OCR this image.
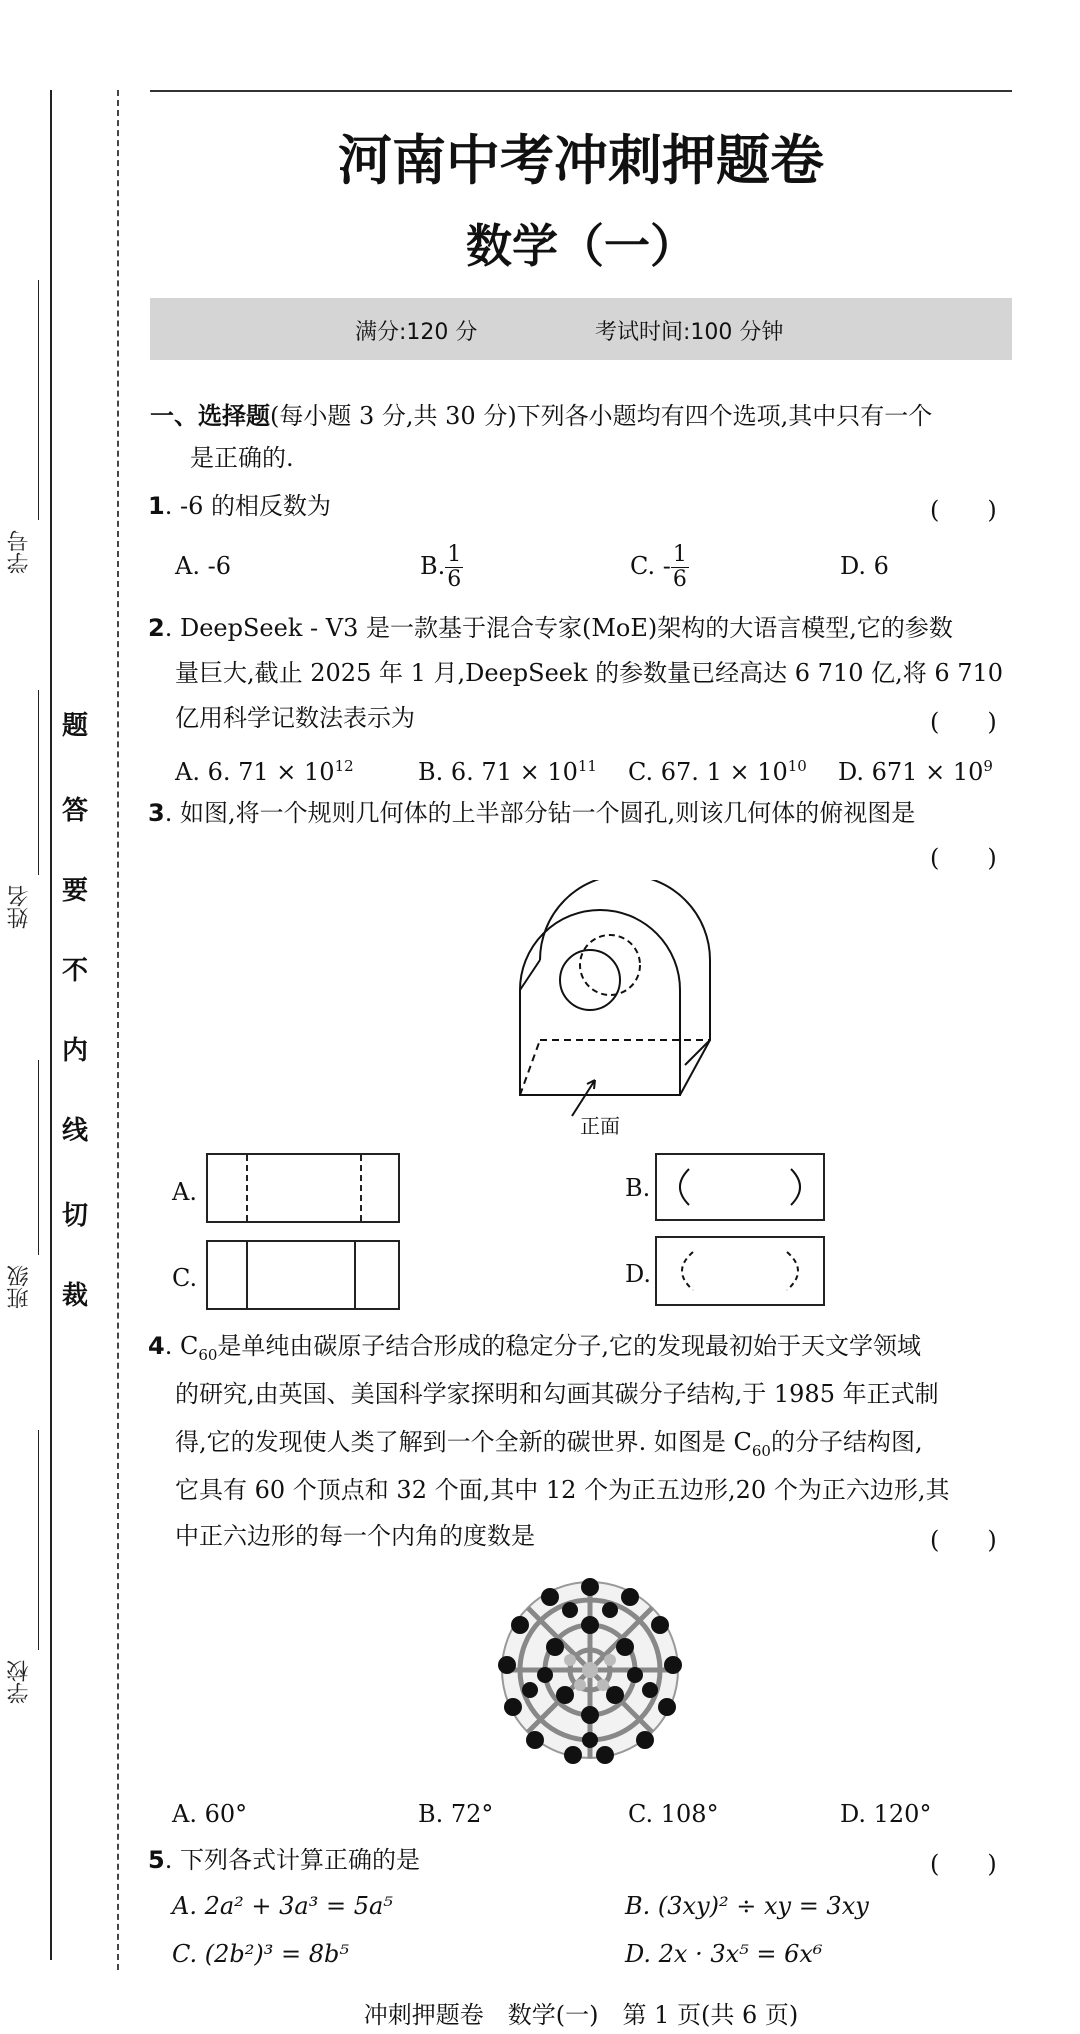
学号
姓名
班级
学校
题
答
要
不
内
线
切
裁
河南中考冲刺押题卷
数学（一）
满分:120 分	考试时间:100 分钟
一、选择题(每小题 3 分,共 30 分)下列各小题均有四个选项,其中只有一个
是正确的.
1. -6 的相反数为	(　　)
A. -6	B. $\frac{1}{6}$	C. - $\frac{1}{6}$	D. 6
2. DeepSeek - V3 是一款基于混合专家(MoE)架构的大语言模型,它的参数
量巨大,截止 2025 年 1 月,DeepSeek 的参数量已经高达 6 710 亿,将 6 710
亿用科学记数法表示为	(　　)
A. 6. $71 \times 10^{12}$	B. 6. $71 \times 10^{11}$ C. 67. $1 \times 10^{10}$ D. $671 \times 10^9$
3. 如图,将一个规则几何体的上半部分钻一个圆孔,则该几何体的俯视图是
(　　)
正面
A.	B.
C.	D.
4. $C_{60}$是单纯由碳原子结合形成的稳定分子,它的发现最初始于天文学领域
的研究,由英国、美国科学家探明和勾画其碳分子结构,于 1985 年正式制
得,它的发现使人类了解到一个全新的碳世界. 如图是 $C_{60}$的分子结构图,
它具有 60 个顶点和 32 个面,其中 12 个为正五边形,20 个为正六边形,其
中正六边形的每一个内角的度数是	(　　)
A. 60°	B. 72°	C. 108°	D. 120°
5. 下列各式计算正确的是	(　　)
A. 2a² + 3a³ = 5a⁵	B. (3xy)² ÷ xy = 3xy
C. (2b²)³ = 8b⁵	D. 2x · 3x⁵ = 6x⁶
冲刺押题卷　数学(一)　第 1 页(共 6 页)
